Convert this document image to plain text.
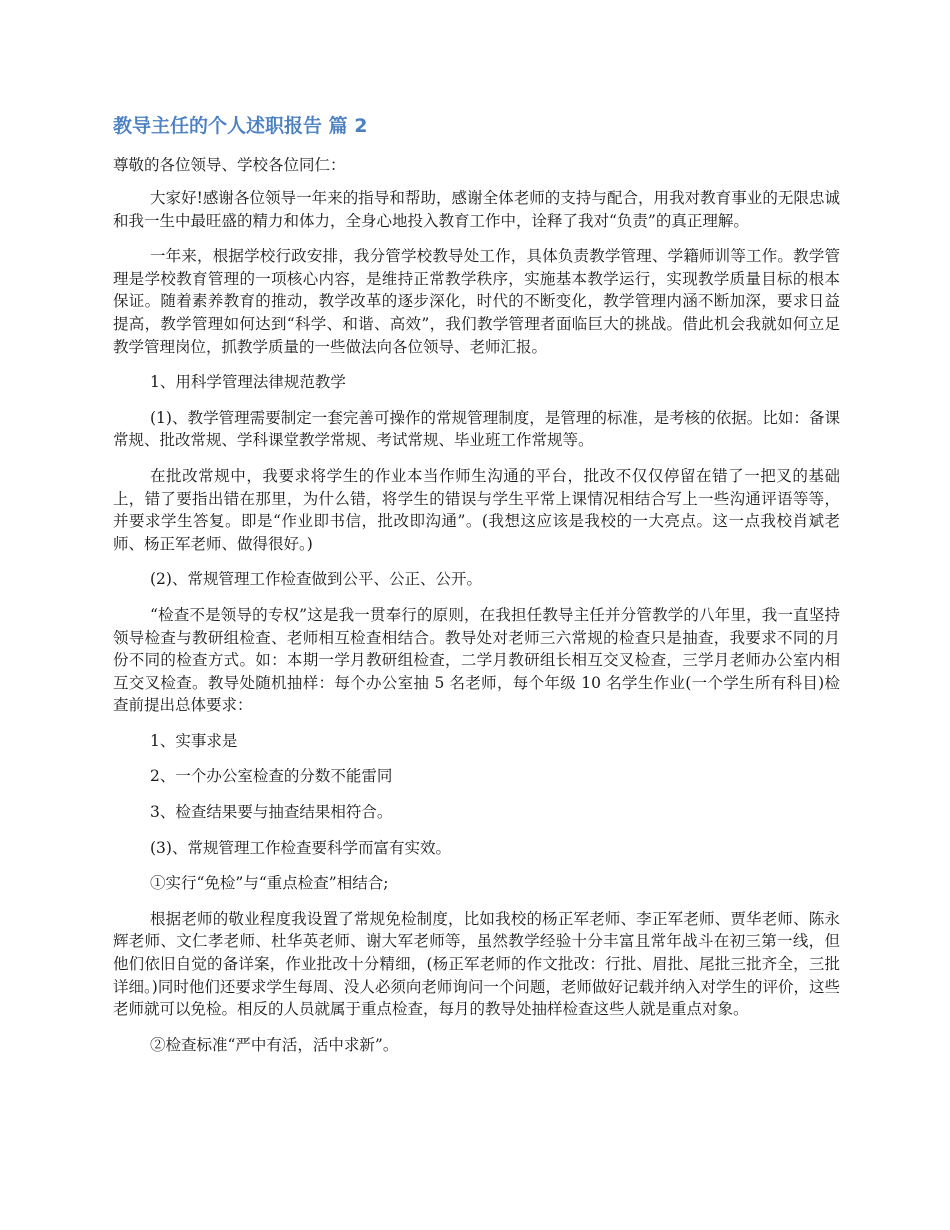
教导主任的个人述职报告 篇 2

尊敬的各位领导、学校各位同仁：

大家好!感谢各位领导一年来的指导和帮助，感谢全体老师的支持与配合，用我对教育事业的无限忠诚和我一生中最旺盛的精力和体力，全身心地投入教育工作中，诠释了我对“负责”的真正理解。

一年来，根据学校行政安排，我分管学校教导处工作，具体负责教学管理、学籍师训等工作。教学管理是学校教育管理的一项核心内容，是维持正常教学秩序，实施基本教学运行，实现教学质量目标的根本保证。随着素养教育的推动，教学改革的逐步深化，时代的不断变化，教学管理内涵不断加深，要求日益提高，教学管理如何达到“科学、和谐、高效”，我们教学管理者面临巨大的挑战。借此机会我就如何立足教学管理岗位，抓教学质量的一些做法向各位领导、老师汇报。

1、用科学管理法律规范教学

(1)、教学管理需要制定一套完善可操作的常规管理制度，是管理的标准，是考核的依据。比如：备课常规、批改常规、学科课堂教学常规、考试常规、毕业班工作常规等。

在批改常规中，我要求将学生的作业本当作师生沟通的平台，批改不仅仅停留在错了一把叉的基础上，错了要指出错在那里，为什么错，将学生的错误与学生平常上课情况相结合写上一些沟通评语等等，并要求学生答复。即是“作业即书信，批改即沟通”。(我想这应该是我校的一大亮点。这一点我校肖斌老师、杨正军老师、做得很好。)

(2)、常规管理工作检查做到公平、公正、公开。

“检查不是领导的专权”这是我一贯奉行的原则，在我担任教导主任并分管教学的八年里，我一直坚持领导检查与教研组检查、老师相互检查相结合。教导处对老师三六常规的检查只是抽查，我要求不同的月份不同的检查方式。如：本期一学月教研组检查，二学月教研组长相互交叉检查，三学月老师办公室内相互交叉检查。教导处随机抽样：每个办公室抽 5 名老师，每个年级 10 名学生作业(一个学生所有科目)检查前提出总体要求：

1、实事求是

2、一个办公室检查的分数不能雷同

3、检查结果要与抽查结果相符合。

(3)、常规管理工作检查要科学而富有实效。

①实行“免检”与“重点检查”相结合;

根据老师的敬业程度我设置了常规免检制度，比如我校的杨正军老师、李正军老师、贾华老师、陈永辉老师、文仁孝老师、杜华英老师、谢大军老师等，虽然教学经验十分丰富且常年战斗在初三第一线，但他们依旧自觉的备详案，作业批改十分精细，(杨正军老师的作文批改：行批、眉批、尾批三批齐全，三批详细。)同时他们还要求学生每周、没人必须向老师询问一个问题，老师做好记载并纳入对学生的评价，这些老师就可以免检。相反的人员就属于重点检查，每月的教导处抽样检查这些人就是重点对象。

②检查标准“严中有活，活中求新”。
